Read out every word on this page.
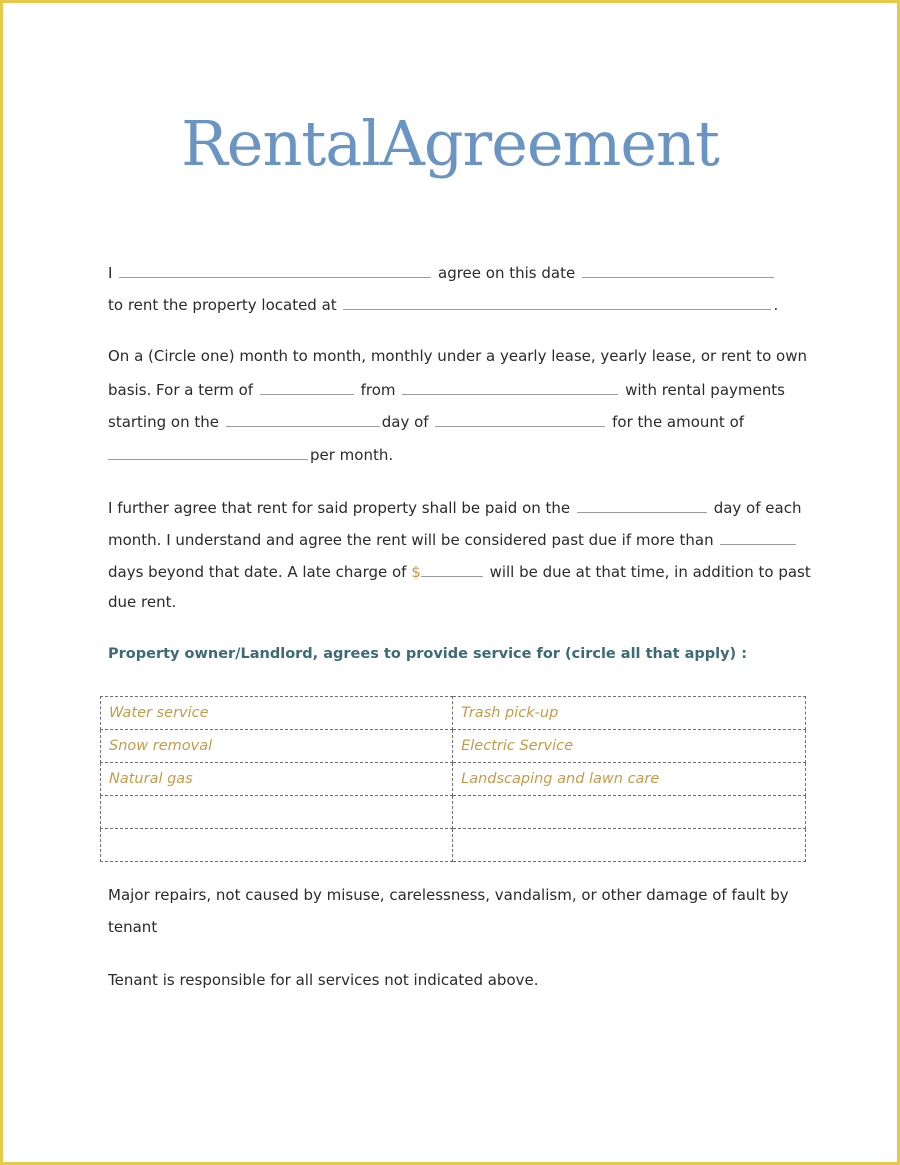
RentalAgreement
I	agree on this date
to rent the property located at	.
On a (Circle one) month to month, monthly under a yearly lease, yearly lease, or rent to own
basis. For a term of	from	with rental payments
starting on the	day of	for the amount of
per month.
I further agree that rent for said property shall be paid on the	day of each
month. I understand and agree the rent will be considered past due if more than
days beyond that date. A late charge of $	will be due at that time, in addition to past
due rent.
Property owner/Landlord, agrees to provide service for (circle all that apply) :
Water service	Trash pick-up
Snow removal	Electric Service
Natural gas	Landscaping and lawn care

Major repairs, not caused by misuse, carelessness, vandalism, or other damage of fault by
tenant
Tenant is responsible for all services not indicated above.
